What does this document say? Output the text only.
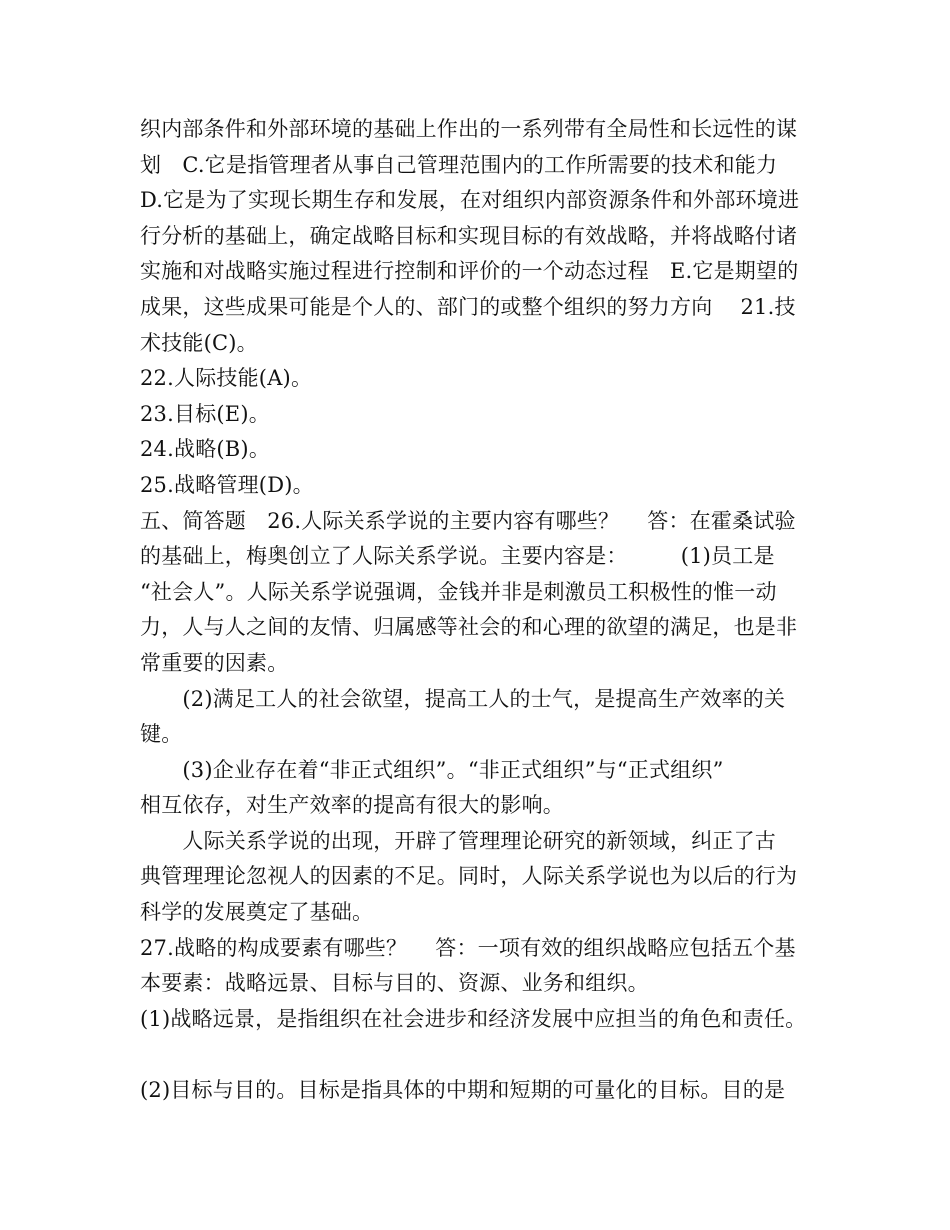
织内部条件和外部环境的基础上作出的一系列带有全局性和长远性的谋
划　C.它是指管理者从事自己管理范围内的工作所需要的技术和能力
D.它是为了实现长期生存和发展，在对组织内部资源条件和外部环境进
行分析的基础上，确定战略目标和实现目标的有效战略，并将战略付诸
实施和对战略实施过程进行控制和评价的一个动态过程　E.它是期望的
成果，这些成果可能是个人的、部门的或整个组织的努力方向　 21.技
术技能(C)。
22.人际技能(A)。
23.目标(E)。
24.战略(B)。
25.战略管理(D)。
五、简答题　26.人际关系学说的主要内容有哪些？　 答：在霍桑试验
的基础上，梅奥创立了人际关系学说。主要内容是：　　　(1)员工是
“社会人”。人际关系学说强调，金钱并非是刺激员工积极性的惟一动
力，人与人之间的友情、归属感等社会的和心理的欲望的满足，也是非
常重要的因素。
　　(2)满足工人的社会欲望，提高工人的士气，是提高生产效率的关
键。
　　(3)企业存在着“非正式组织”。“非正式组织”与“正式组织”
相互依存，对生产效率的提高有很大的影响。
　　人际关系学说的出现，开辟了管理理论研究的新领域，纠正了古
典管理理论忽视人的因素的不足。同时，人际关系学说也为以后的行为
科学的发展奠定了基础。
27.战略的构成要素有哪些？　 答：一项有效的组织战略应包括五个基
本要素：战略远景、目标与目的、资源、业务和组织。
(1)战略远景，是指组织在社会进步和经济发展中应担当的角色和责任。
(2)目标与目的。目标是指具体的中期和短期的可量化的目标。目的是
